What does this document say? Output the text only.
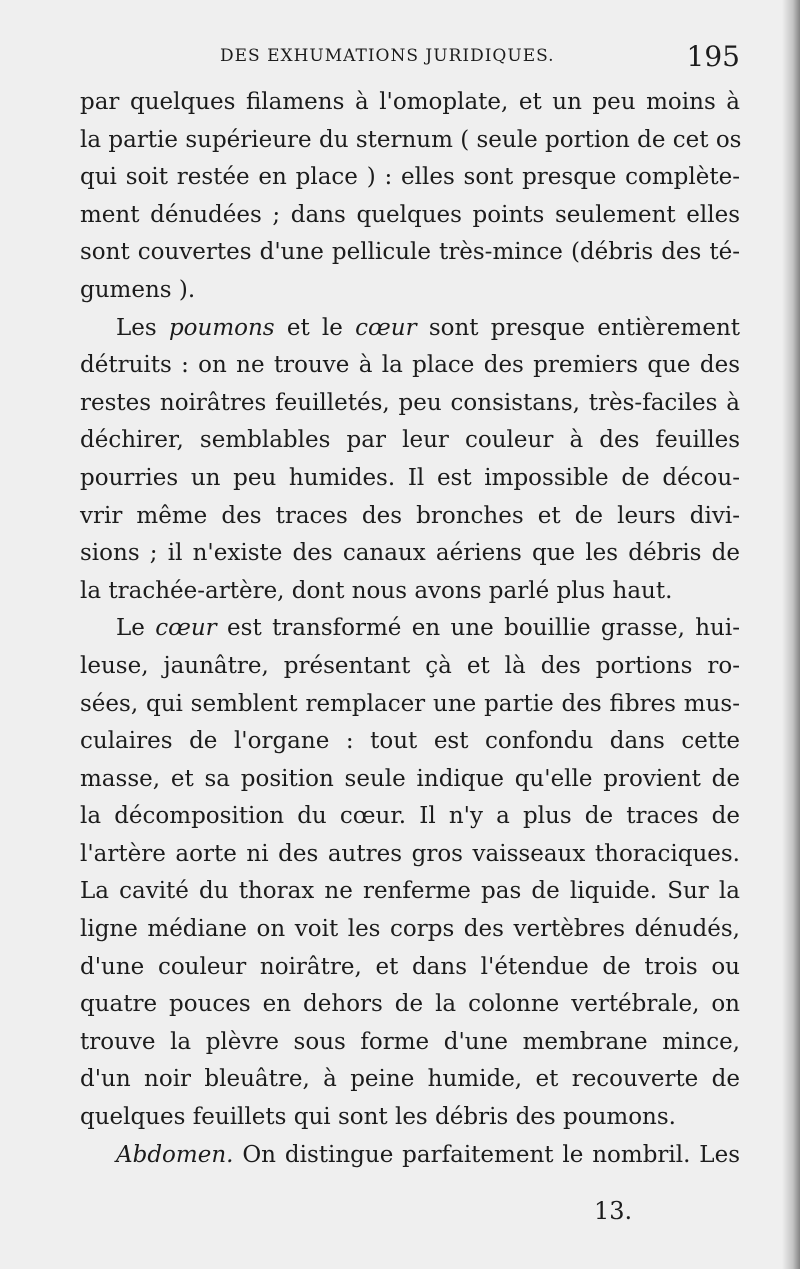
DES EXHUMATIONS JURIDIQUES.	195
par quelques filamens à l'omoplate, et un peu moins à
la partie supérieure du sternum ( seule portion de cet os
qui soit restée en place ) : elles sont presque complète-
ment dénudées ; dans quelques points seulement elles
sont couvertes d'une pellicule très-mince (débris des té-
gumens ).
Les poumons et le cœur sont presque entièrement
détruits : on ne trouve à la place des premiers que des
restes noirâtres feuilletés, peu consistans, très-faciles à
déchirer, semblables par leur couleur à des feuilles
pourries un peu humides. Il est impossible de décou-
vrir même des traces des bronches et de leurs divi-
sions ; il n'existe des canaux aériens que les débris de
la trachée-artère, dont nous avons parlé plus haut.
Le cœur est transformé en une bouillie grasse, hui-
leuse, jaunâtre, présentant çà et là des portions ro-
sées, qui semblent remplacer une partie des fibres mus-
culaires de l'organe : tout est confondu dans cette
masse, et sa position seule indique qu'elle provient de
la décomposition du cœur. Il n'y a plus de traces de
l'artère aorte ni des autres gros vaisseaux thoraciques.
La cavité du thorax ne renferme pas de liquide. Sur la
ligne médiane on voit les corps des vertèbres dénudés,
d'une couleur noirâtre, et dans l'étendue de trois ou
quatre pouces en dehors de la colonne vertébrale, on
trouve la plèvre sous forme d'une membrane mince,
d'un noir bleuâtre, à peine humide, et recouverte de
quelques feuillets qui sont les débris des poumons.
Abdomen. On distingue parfaitement le nombril. Les
13.
